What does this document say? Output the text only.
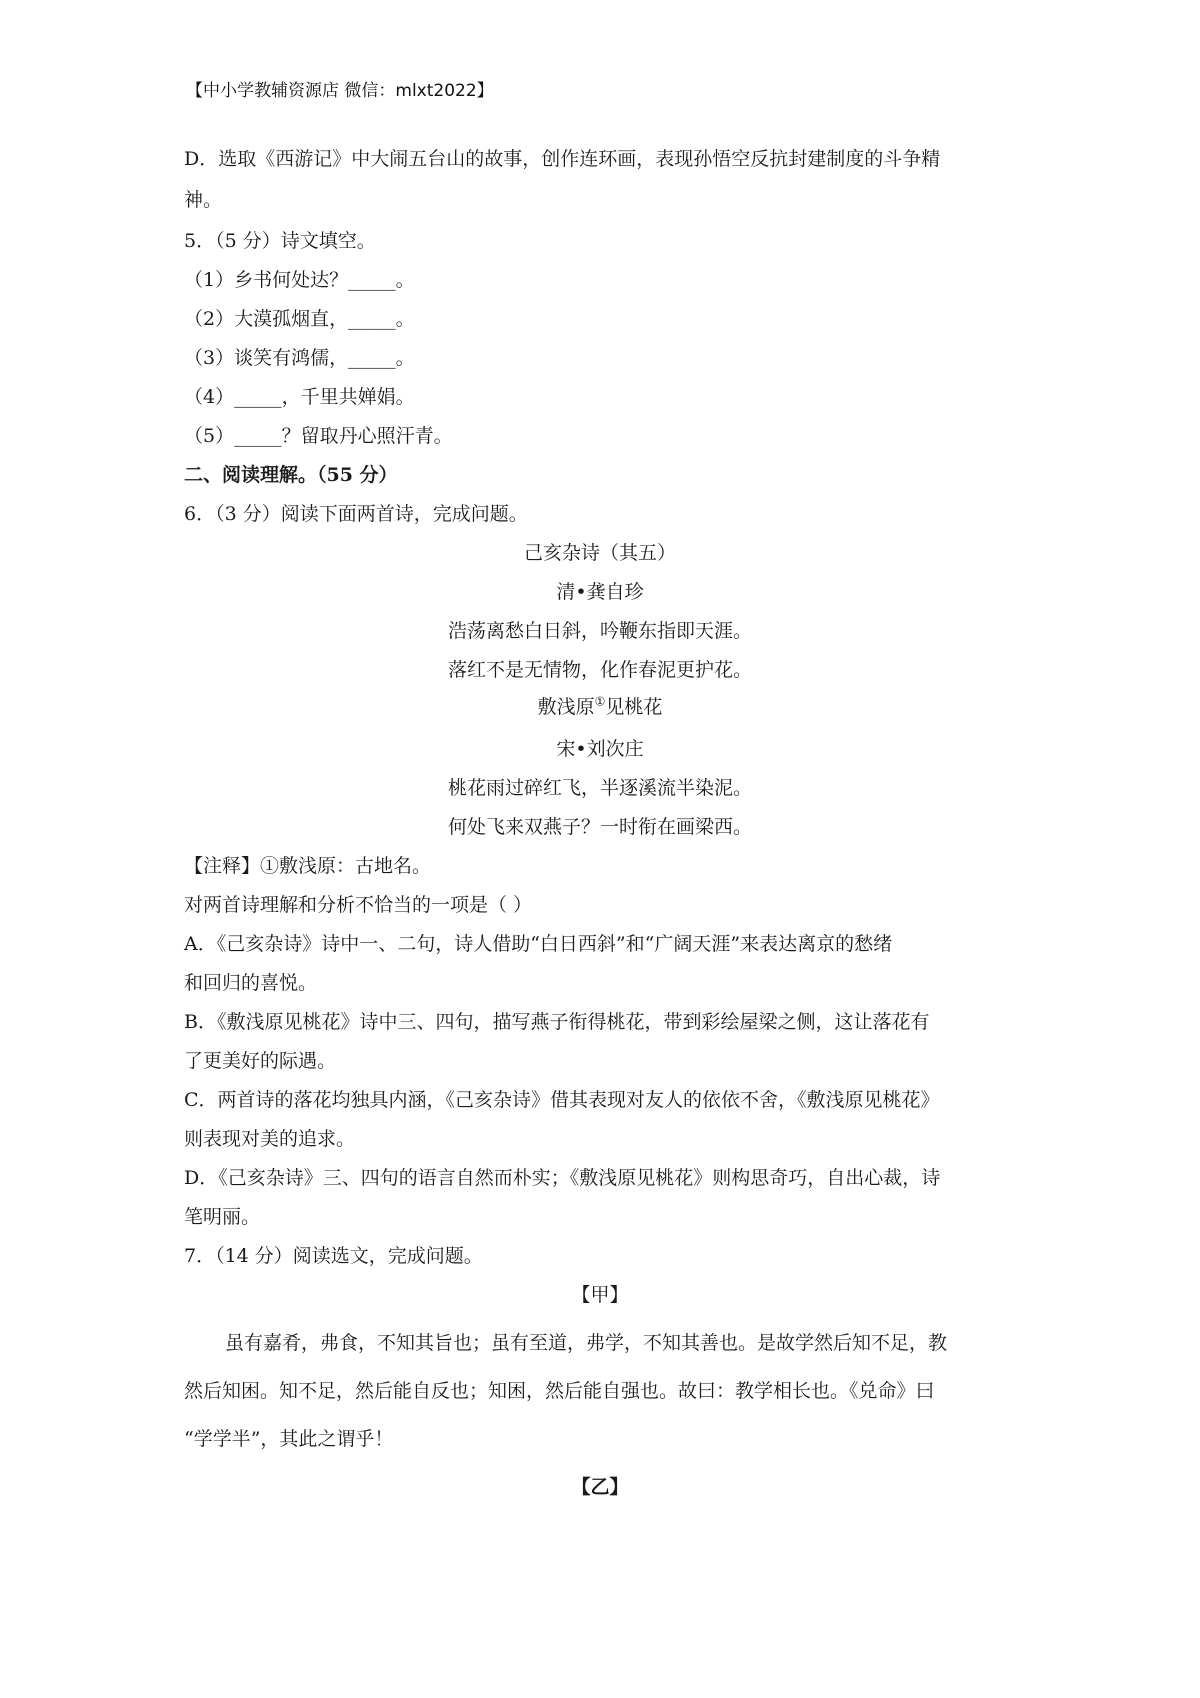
【中小学教辅资源店 微信：mlxt2022】
D．选取《西游记》中大闹五台山的故事，创作连环画，表现孙悟空反抗封建制度的斗争精
神。
5．（5 分）诗文填空。
（1）乡书何处达？_____。
（2）大漠孤烟直，_____。
（3）谈笑有鸿儒，_____。
（4）_____，千里共婵娟。
（5）_____？留取丹心照汗青。
二、阅读理解。（55 分）
6．（3 分）阅读下面两首诗，完成问题。
己亥杂诗（其五）
清•龚自珍
浩荡离愁白日斜，吟鞭东指即天涯。
落红不是无情物，化作春泥更护花。
敷浅原①见桃花
宋•刘次庄
桃花雨过碎红飞，半逐溪流半染泥。
何处飞来双燕子？一时衔在画梁西。
【注释】①敷浅原：古地名。
对两首诗理解和分析不恰当的一项是（ ）
A．《己亥杂诗》诗中一、二句，诗人借助“白日西斜”和“广阔天涯”来表达离京的愁绪
和回归的喜悦。
B．《敷浅原见桃花》诗中三、四句，描写燕子衔得桃花，带到彩绘屋梁之侧，这让落花有
了更美好的际遇。
C．两首诗的落花均独具内涵，《己亥杂诗》借其表现对友人的依依不舍，《敷浅原见桃花》
则表现对美的追求。
D．《己亥杂诗》三、四句的语言自然而朴实；《敷浅原见桃花》则构思奇巧，自出心裁，诗
笔明丽。
7．（14 分）阅读选文，完成问题。
【甲】
虽有嘉肴，弗食，不知其旨也；虽有至道，弗学，不知其善也。是故学然后知不足，教
然后知困。知不足，然后能自反也；知困，然后能自强也。故曰：教学相长也。《兑命》曰
“学学半”，其此之谓乎！
【乙】
